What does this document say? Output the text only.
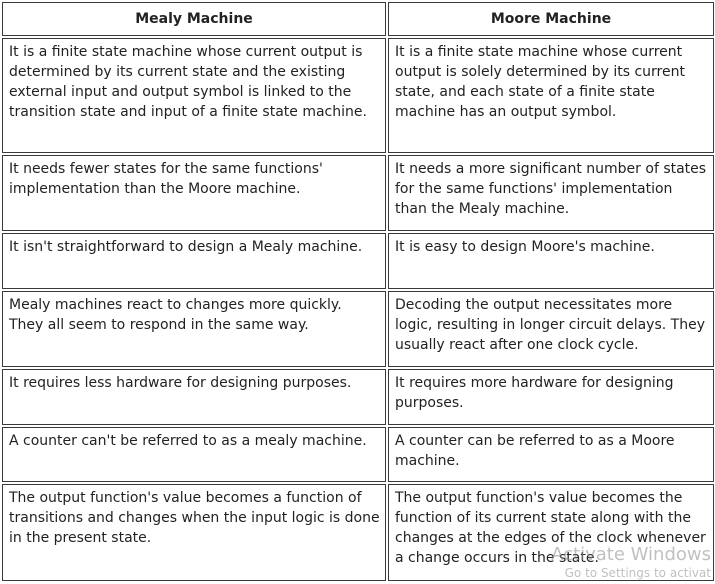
Mealy Machine	Moore Machine
It is a finite state machine whose current output is determined by its current state and the existing external input and output symbol is linked to the transition state and input of a finite state machine.	It is a finite state machine whose current output is solely determined by its current state, and each state of a finite state machine has an output symbol.
It needs fewer states for the same functions' implementation than the Moore machine.	It needs a more significant number of states for the same functions' implementation than the Mealy machine.
It isn't straightforward to design a Mealy machine.	It is easy to design Moore's machine.
Mealy machines react to changes more quickly. They all seem to respond in the same way.	Decoding the output necessitates more logic, resulting in longer circuit delays. They usually react after one clock cycle.
It requires less hardware for designing purposes.	It requires more hardware for designing purposes.
A counter can't be referred to as a mealy machine.	A counter can be referred to as a Moore machine.
The output function's value becomes a function of transitions and changes when the input logic is done in the present state.	The output function's value becomes the function of its current state along with the changes at the edges of the clock whenever a change occurs in the state.
Activate Windows
Go to Settings to activat
